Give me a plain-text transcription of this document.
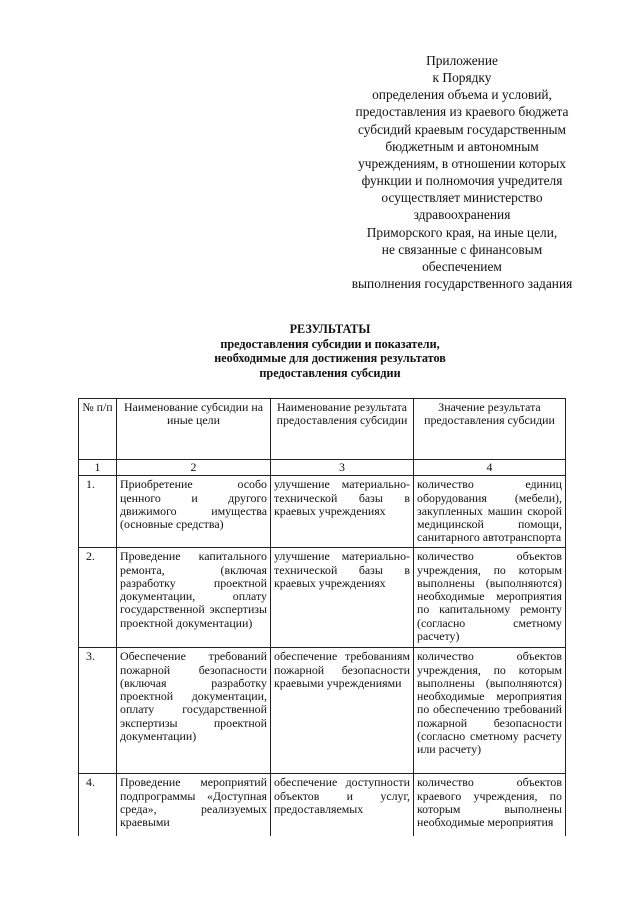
Приложение
к Порядку
определения объема и условий,
предоставления из краевого бюджета
субсидий краевым государственным
бюджетным и автономным
учреждениям, в отношении которых
функции и полномочия учредителя
осуществляет министерство
здравоохранения
Приморского края, на иные цели,
не связанные с финансовым
обеспечением
выполнения государственного задания
РЕЗУЛЬТАТЫ
предоставления субсидии и показатели,
необходимые для достижения результатов
предоставления субсидии
№ п/п	Наименование субсидии на иные цели	Наименование результата предоставления субсидии	Значение результата предоставления субсидии
1	2	3	4
1.	Приобретение особо ценного и другого движимого имущества (основные средства)	улучшение материально-технической базы в краевых учреждениях	количество единиц оборудования (мебели), закупленных машин скорой медицинской помощи, санитарного автотранспорта
2.	Проведение капитального ремонта, (включая разработку проектной документации, оплату государственной экспертизы проектной документации)	улучшение материально-технической базы в краевых учреждениях	количество объектов учреждения, по которым выполнены (выполняются) необходимые мероприятия по капитальному ремонту (согласно сметному расчету)
3.	Обеспечение требований пожарной безопасности (включая разработку проектной документации, оплату государственной экспертизы проектной документации)	обеспечение требованиям пожарной безопасности краевыми учреждениями	количество объектов учреждения, по которым выполнены (выполняются) необходимые мероприятия по обеспечению требований пожарной безопасности (согласно сметному расчету или расчету)
4.	Проведение мероприятий подпрограммы «Доступная среда», реализуемых краевыми	обеспечение доступности объектов и услуг, предоставляемых	количество объектов краевого учреждения, по которым выполнены необходимые мероприятия
